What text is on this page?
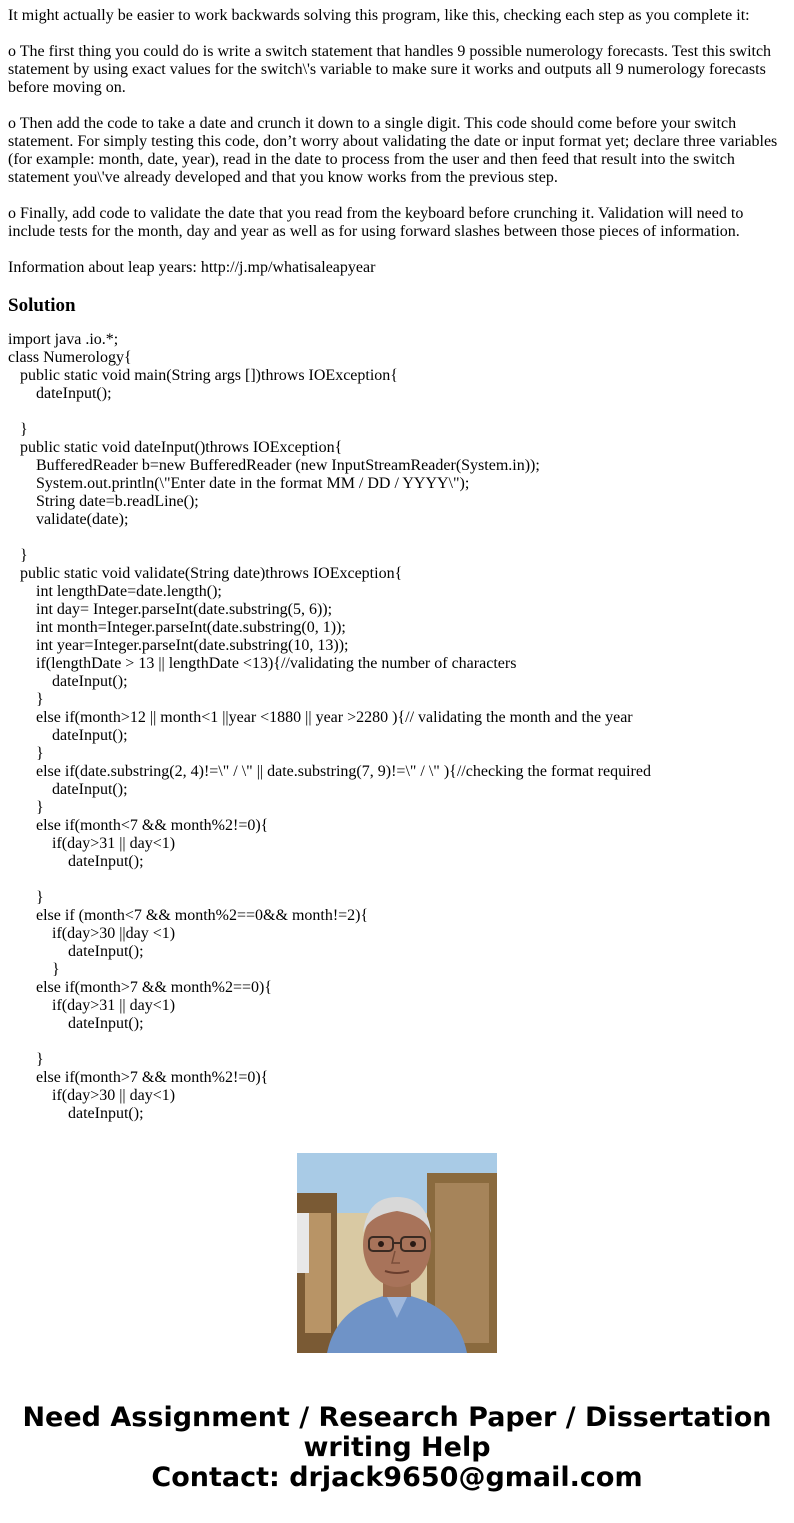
It might actually be easier to work backwards solving this program, like this, checking each step as you complete it:

o The first thing you could do is write a switch statement that handles 9 possible numerology forecasts. Test this switch statement by using exact values for the switch\'s variable to make sure it works and outputs all 9 numerology forecasts before moving on.

o Then add the code to take a date and crunch it down to a single digit. This code should come before your switch statement. For simply testing this code, don’t worry about validating the date or input format yet; declare three variables (for example: month, date, year), read in the date to process from the user and then feed that result into the switch statement you\'ve already developed and that you know works from the previous step.

o Finally, add code to validate the date that you read from the keyboard before crunching it. Validation will need to include tests for the month, day and year as well as for using forward slashes between those pieces of information.

Information about leap years: http://j.mp/whatisaleapyear

Solution
import java .io.*;
class Numerology{
public static void main(String args [])throws IOException{
dateInput();
}
public static void dateInput()throws IOException{
BufferedReader b=new BufferedReader (new InputStreamReader(System.in));
System.out.println(\"Enter date in the format MM / DD / YYYY\");
String date=b.readLine();
validate(date);
}
public static void validate(String date)throws IOException{
int lengthDate=date.length();
int day= Integer.parseInt(date.substring(5, 6));
int month=Integer.parseInt(date.substring(0, 1));
int year=Integer.parseInt(date.substring(10, 13));
if(lengthDate > 13 || lengthDate <13){//validating the number of characters
dateInput();
}
else if(month>12 || month<1 ||year <1880 || year >2280 ){// validating the month and the year
dateInput();
}
else if(date.substring(2, 4)!=\" / \" || date.substring(7, 9)!=\" / \" ){//checking the format required
dateInput();
}
else if(month<7 && month%2!=0){
if(day>31 || day<1)
dateInput();
}
else if (month<7 && month%2==0&& month!=2){
if(day>30 ||day <1)
dateInput();
}
else if(month>7 && month%2==0){
if(day>31 || day<1)
dateInput();
}
else if(month>7 && month%2!=0){
if(day>30 || day<1)
dateInput();
Need Assignment / Research Paper / Dissertation
writing Help
Contact: drjack9650@gmail.com
